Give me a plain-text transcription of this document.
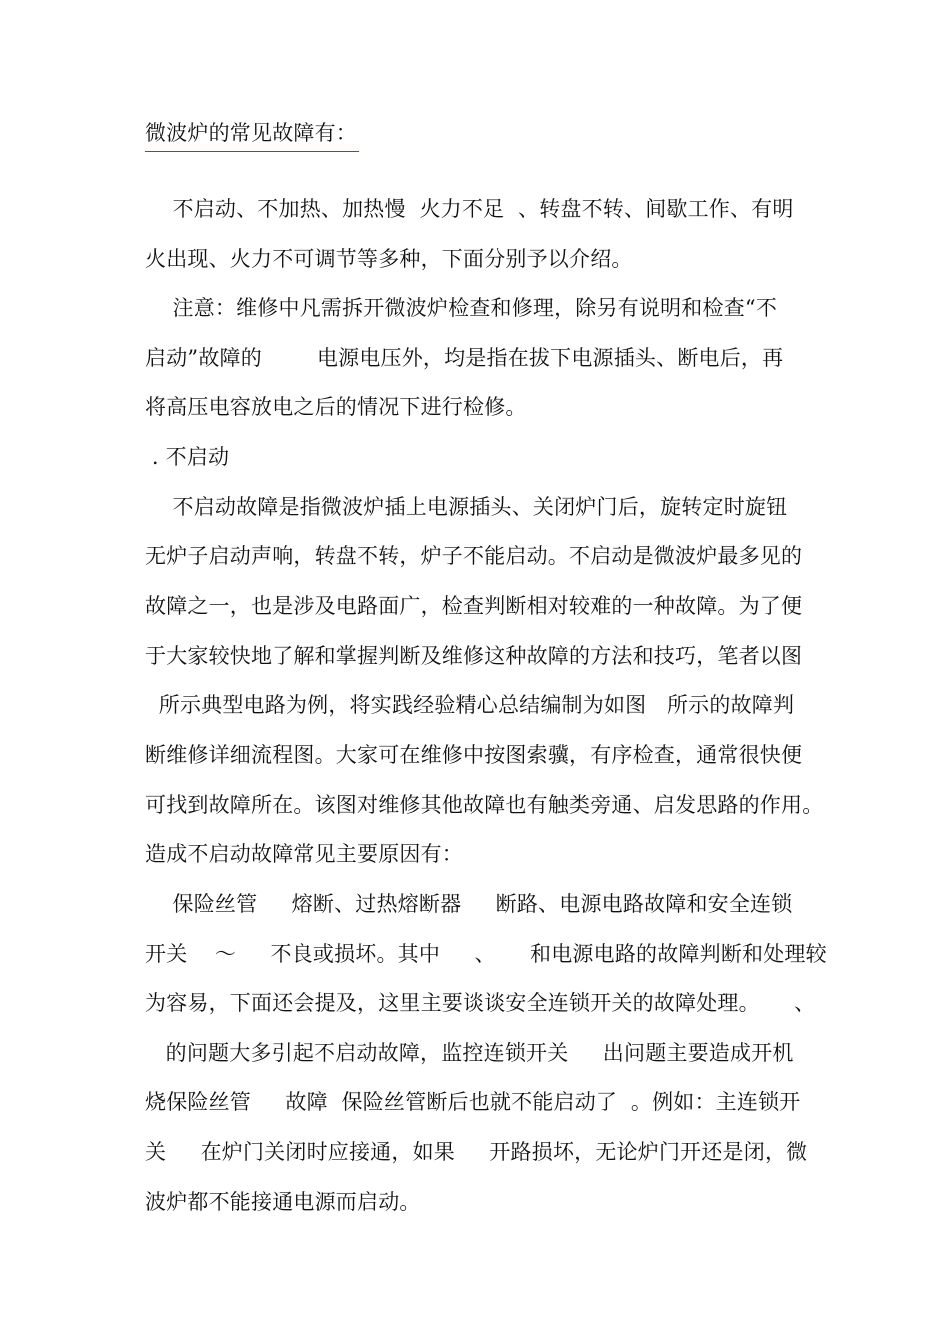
微波炉的常见故障有：
不启动、不加热、加热慢  火力不足  、转盘不转、间歇工作、有明
火出现、火力不可调节等多种，下面分别予以介绍。
注意：维修中凡需拆开微波炉检查和修理，除另有说明和检查“不
启动”故障的        电源电压外，均是指在拔下电源插头、断电后，再
将高压电容放电之后的情况下进行检修。
. 不启动
不启动故障是指微波炉插上电源插头、关闭炉门后，旋转定时旋钮
无炉子启动声响，转盘不转，炉子不能启动。不启动是微波炉最多见的
故障之一，也是涉及电路面广，检查判断相对较难的一种故障。为了便
于大家较快地了解和掌握判断及维修这种故障的方法和技巧，笔者以图
所示典型电路为例，将实践经验精心总结编制为如图   所示的故障判
断维修详细流程图。大家可在维修中按图索骥，有序检查，通常很快便
可找到故障所在。该图对维修其他故障也有触类旁通、启发思路的作用。
造成不启动故障常见主要原因有：
保险丝管     熔断、过热熔断器     断路、电源电路故障和安全连锁
开关    ～     不良或损坏。其中     、     和电源电路的故障判断和处理较
为容易，下面还会提及，这里主要谈谈安全连锁开关的故障处理。     、
的问题大多引起不启动故障，监控连锁开关     出问题主要造成开机
烧保险丝管     故障  保险丝管断后也就不能启动了  。例如：主连锁开
关     在炉门关闭时应接通，如果     开路损坏，无论炉门开还是闭，微
波炉都不能接通电源而启动。
